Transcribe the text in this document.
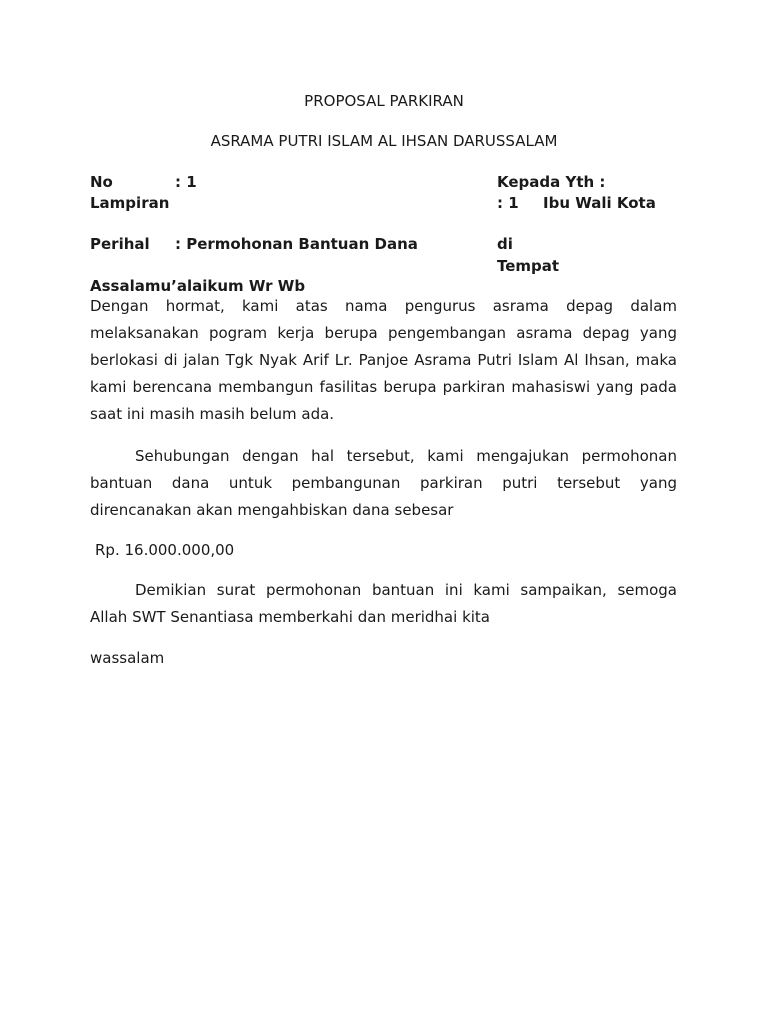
PROPOSAL PARKIRAN

ASRAMA PUTRI ISLAM AL IHSAN DARUSSALAM

No	: 1	Kepada Yth :
Lampiran	: 1 Ibu Wali Kota
Perihal : Permohonan Bantuan Dana	di
Tempat
Assalamu’alaikum Wr Wb

Dengan hormat, kami atas nama pengurus asrama depag dalam melaksanakan pogram kerja berupa pengembangan asrama depag yang berlokasi di jalan Tgk Nyak Arif Lr. Panjoe Asrama Putri Islam Al Ihsan, maka kami berencana membangun fasilitas berupa parkiran mahasiswi yang pada saat ini masih masih belum ada.

Sehubungan dengan hal tersebut, kami mengajukan permohonan bantuan dana untuk pembangunan parkiran putri tersebut yang direncanakan akan mengahbiskan dana sebesar

Rp. 16.000.000,00

Demikian surat permohonan bantuan ini kami sampaikan, semoga Allah SWT Senantiasa memberkahi dan meridhai kita

wassalam
